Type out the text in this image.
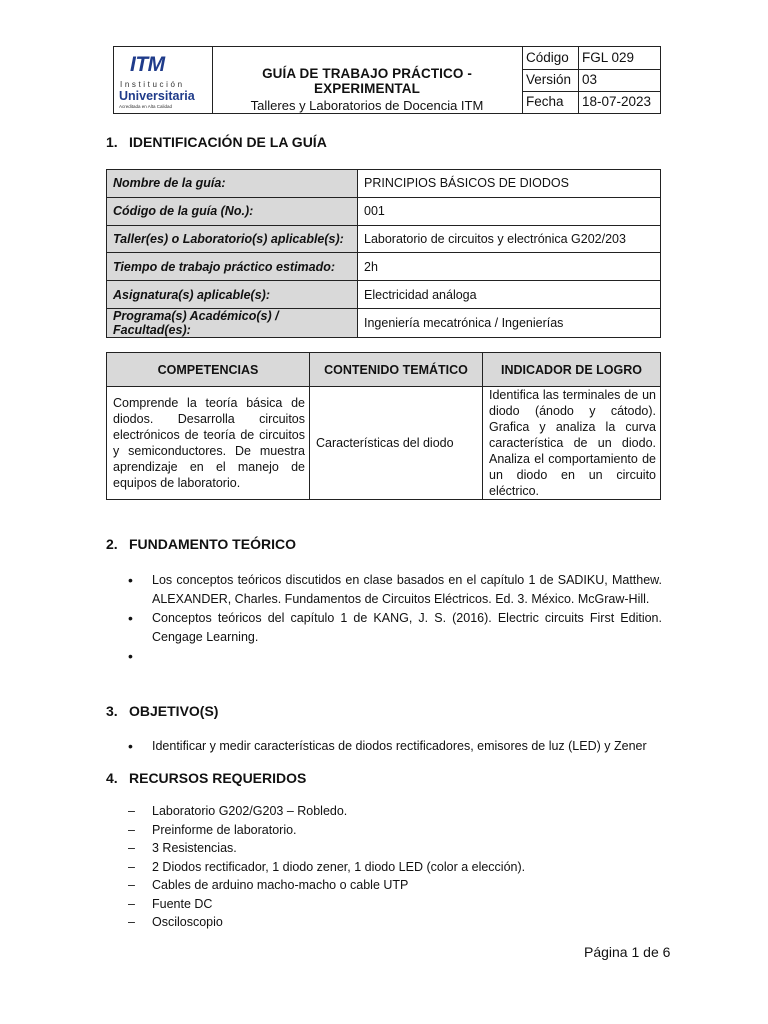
ITM
Institución
Universitaria
Acreditada en Alta Calidad
GUÍA DE TRABAJO PRÁCTICO - EXPERIMENTAL
Talleres y Laboratorios de Docencia ITM
Código FGL 029
Versión 03
Fecha 18-07-2023
1. IDENTIFICACIÓN DE LA GUÍA
Nombre de la guía:	PRINCIPIOS BÁSICOS DE DIODOS
Código de la guía (No.):	001
Taller(es) o Laboratorio(s) aplicable(s):	Laboratorio de circuitos y electrónica G202/203
Tiempo de trabajo práctico estimado:	2h
Asignatura(s) aplicable(s):	Electricidad análoga
Programa(s) Académico(s) / Facultad(es):	Ingeniería mecatrónica / Ingenierías
COMPETENCIAS	CONTENIDO TEMÁTICO	INDICADOR DE LOGRO
Comprende la teoría básica de diodos. Desarrolla circuitos electrónicos de teoría de circuitos y semiconductores. De muestra aprendizaje en el manejo de equipos de laboratorio.	Características del diodo	Identifica las terminales de un diodo (ánodo y cátodo). Grafica y analiza la curva característica de un diodo. Analiza el comportamiento de un diodo en un circuito eléctrico.
2. FUNDAMENTO TEÓRICO
• Los conceptos teóricos discutidos en clase basados en el capítulo 1 de SADIKU, Matthew. ALEXANDER, Charles. Fundamentos de Circuitos Eléctricos. Ed. 3. México. McGraw-Hill.
• Conceptos teóricos del capítulo 1 de KANG, J. S. (2016). Electric circuits First Edition. Cengage Learning.
•
3. OBJETIVO(S)
• Identificar y medir características de diodos rectificadores, emisores de luz (LED) y Zener
4. RECURSOS REQUERIDOS
– Laboratorio G202/G203 – Robledo.
– Preinforme de laboratorio.
– 3 Resistencias.
– 2 Diodos rectificador, 1 diodo zener, 1 diodo LED (color a elección).
– Cables de arduino macho-macho o cable UTP
– Fuente DC
– Osciloscopio
Página 1 de 6
